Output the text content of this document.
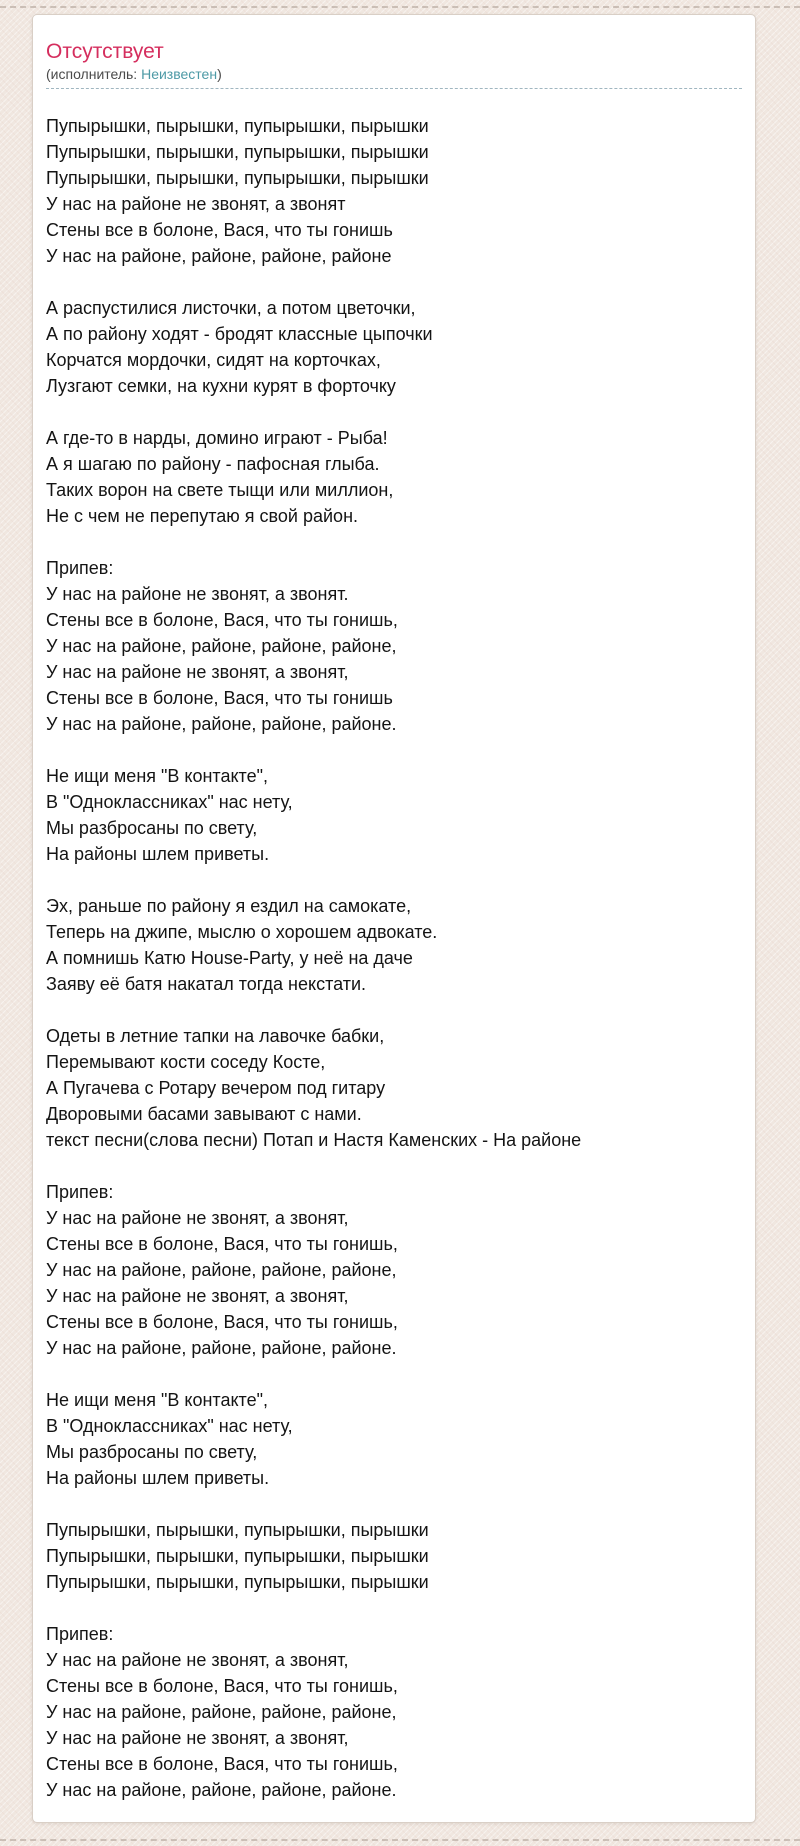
Отсутствует
(исполнитель: Неизвестен)

Пупырышки, пырышки, пупырышки, пырышки
Пупырышки, пырышки, пупырышки, пырышки
Пупырышки, пырышки, пупырышки, пырышки
У нас на районе не звонят, а звонят
Стены все в болоне, Вася, что ты гонишь
У нас на районе, районе, районе, районе

А распустилися листочки, а потом цветочки,
А по району ходят - бродят классные цыпочки
Корчатся мордочки, сидят на корточках,
Лузгают семки, на кухни курят в форточку

А где-то в нарды, домино играют - Рыба!
А я шагаю по району - пафосная глыба.
Таких ворон на свете тыщи или миллион,
Не с чем не перепутаю я свой район.

Припев:
У нас на районе не звонят, а звонят.
Стены все в болоне, Вася, что ты гонишь,
У нас на районе, районе, районе, районе,
У нас на районе не звонят, а звонят,
Стены все в болоне, Вася, что ты гонишь
У нас на районе, районе, районе, районе.

Не ищи меня "В контакте",
В "Одноклассниках" нас нету,
Мы разбросаны по свету,
На районы шлем приветы.

Эх, раньше по району я ездил на самокате,
Теперь на джипе, мыслю о хорошем адвокате.
А помнишь Катю House-Party, у неё на даче
Заяву её батя накатал тогда некстати.

Одеты в летние тапки на лавочке бабки,
Перемывают кости соседу Косте,
А Пугачева с Ротару вечером под гитару
Дворовыми басами завывают с нами.
текст песни(слова песни) Потап и Настя Каменских - На районе

Припев:
У нас на районе не звонят, а звонят,
Стены все в болоне, Вася, что ты гонишь,
У нас на районе, районе, районе, районе,
У нас на районе не звонят, а звонят,
Стены все в болоне, Вася, что ты гонишь,
У нас на районе, районе, районе, районе.

Не ищи меня "В контакте",
В "Одноклассниках" нас нету,
Мы разбросаны по свету,
На районы шлем приветы.

Пупырышки, пырышки, пупырышки, пырышки
Пупырышки, пырышки, пупырышки, пырышки
Пупырышки, пырышки, пупырышки, пырышки

Припев:
У нас на районе не звонят, а звонят,
Стены все в болоне, Вася, что ты гонишь,
У нас на районе, районе, районе, районе,
У нас на районе не звонят, а звонят,
Стены все в болоне, Вася, что ты гонишь,
У нас на районе, районе, районе, районе.
